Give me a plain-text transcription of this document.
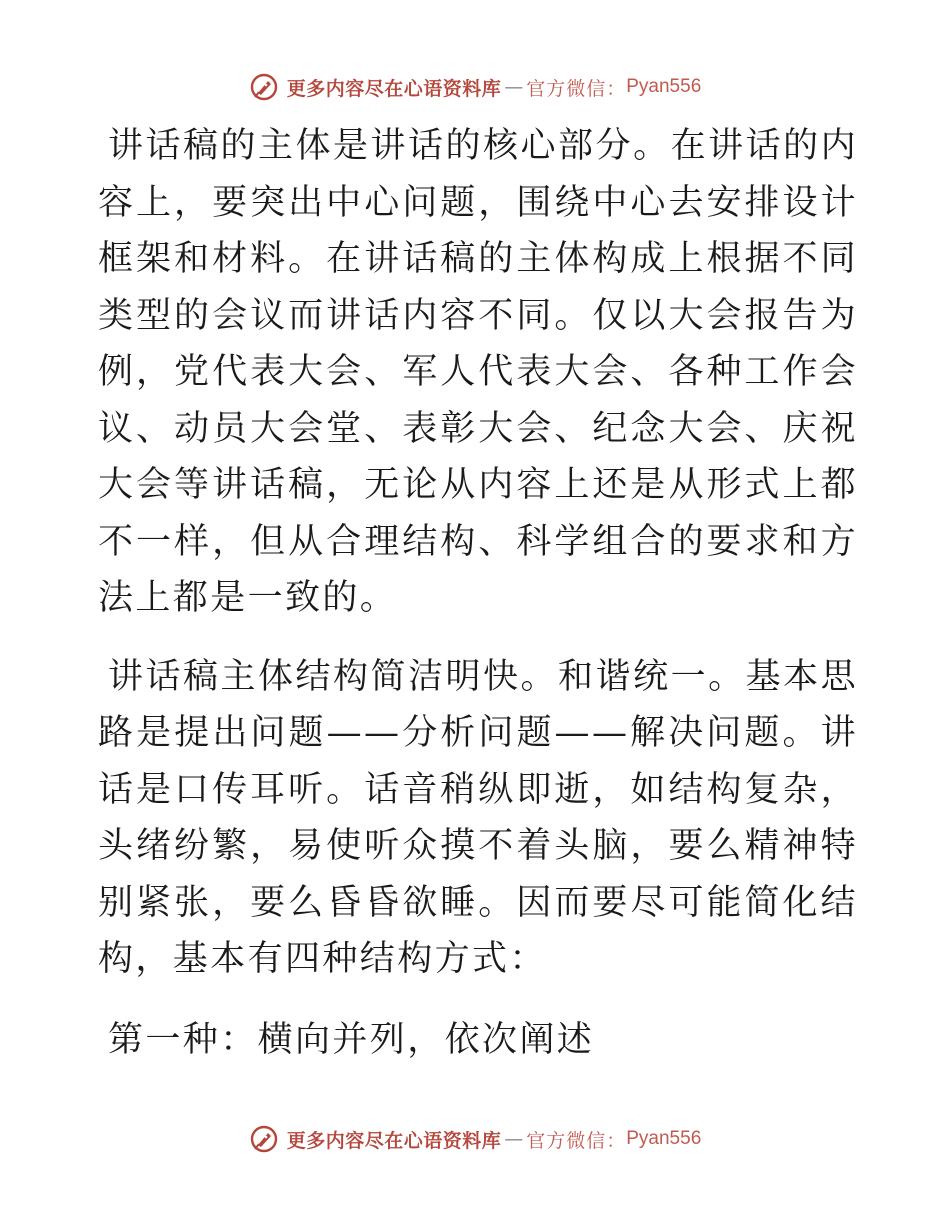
更多内容尽在心语资料库 — 官方微信： Pyan556

讲话稿的主体是讲话的核心部分。在讲话的内容上，要突出中心问题，围绕中心去安排设计框架和材料。在讲话稿的主体构成上根据不同类型的会议而讲话内容不同。仅以大会报告为例，党代表大会、军人代表大会、各种工作会议、动员大会堂、表彰大会、纪念大会、庆祝大会等讲话稿，无论从内容上还是从形式上都不一样，但从合理结构、科学组合的要求和方法上都是一致的。

讲话稿主体结构简洁明快。和谐统一。基本思路是提出问题——分析问题——解决问题。讲话是口传耳听。话音稍纵即逝，如结构复杂，头绪纷繁，易使听众摸不着头脑，要么精神特别紧张，要么昏昏欲睡。因而要尽可能简化结构，基本有四种结构方式：

第一种：横向并列，依次阐述

更多内容尽在心语资料库 — 官方微信： Pyan556
